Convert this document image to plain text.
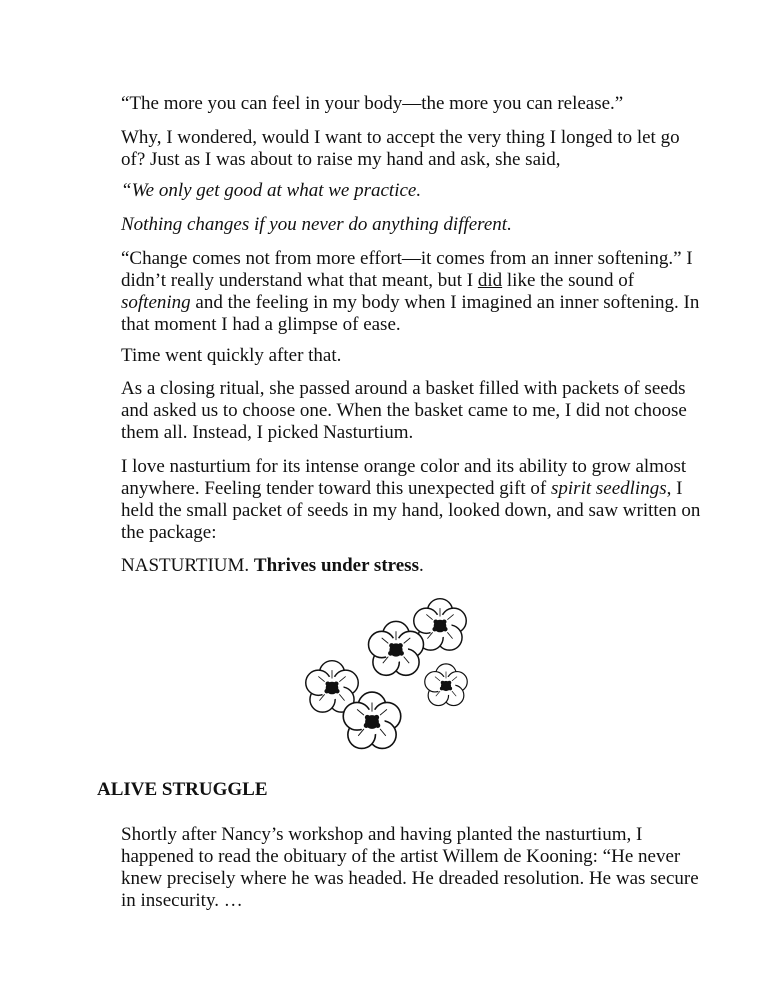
“The more you can feel in your body—the more you can release.”

Why, I wondered, would I want to accept the very thing I longed to let go of? Just as I was about to raise my hand and ask, she said,

“We only get good at what we practice.

Nothing changes if you never do anything different.

“Change comes not from more effort—it comes from an inner softening.” I didn’t really understand what that meant, but I did like the sound of softening and the feeling in my body when I imagined an inner softening. In that moment I had a glimpse of ease.

Time went quickly after that.

As a closing ritual, she passed around a basket filled with packets of seeds and asked us to choose one. When the basket came to me, I did not choose them all. Instead, I picked Nasturtium.

I love nasturtium for its intense orange color and its ability to grow almost anywhere. Feeling tender toward this unexpected gift of spirit seedlings, I held the small packet of seeds in my hand, looked down, and saw written on the package:

NASTURTIUM. Thrives under stress.

ALIVE STRUGGLE

Shortly after Nancy’s workshop and having planted the nasturtium, I happened to read the obituary of the artist Willem de Kooning: “He never knew precisely where he was headed. He dreaded resolution. He was secure in insecurity. …
